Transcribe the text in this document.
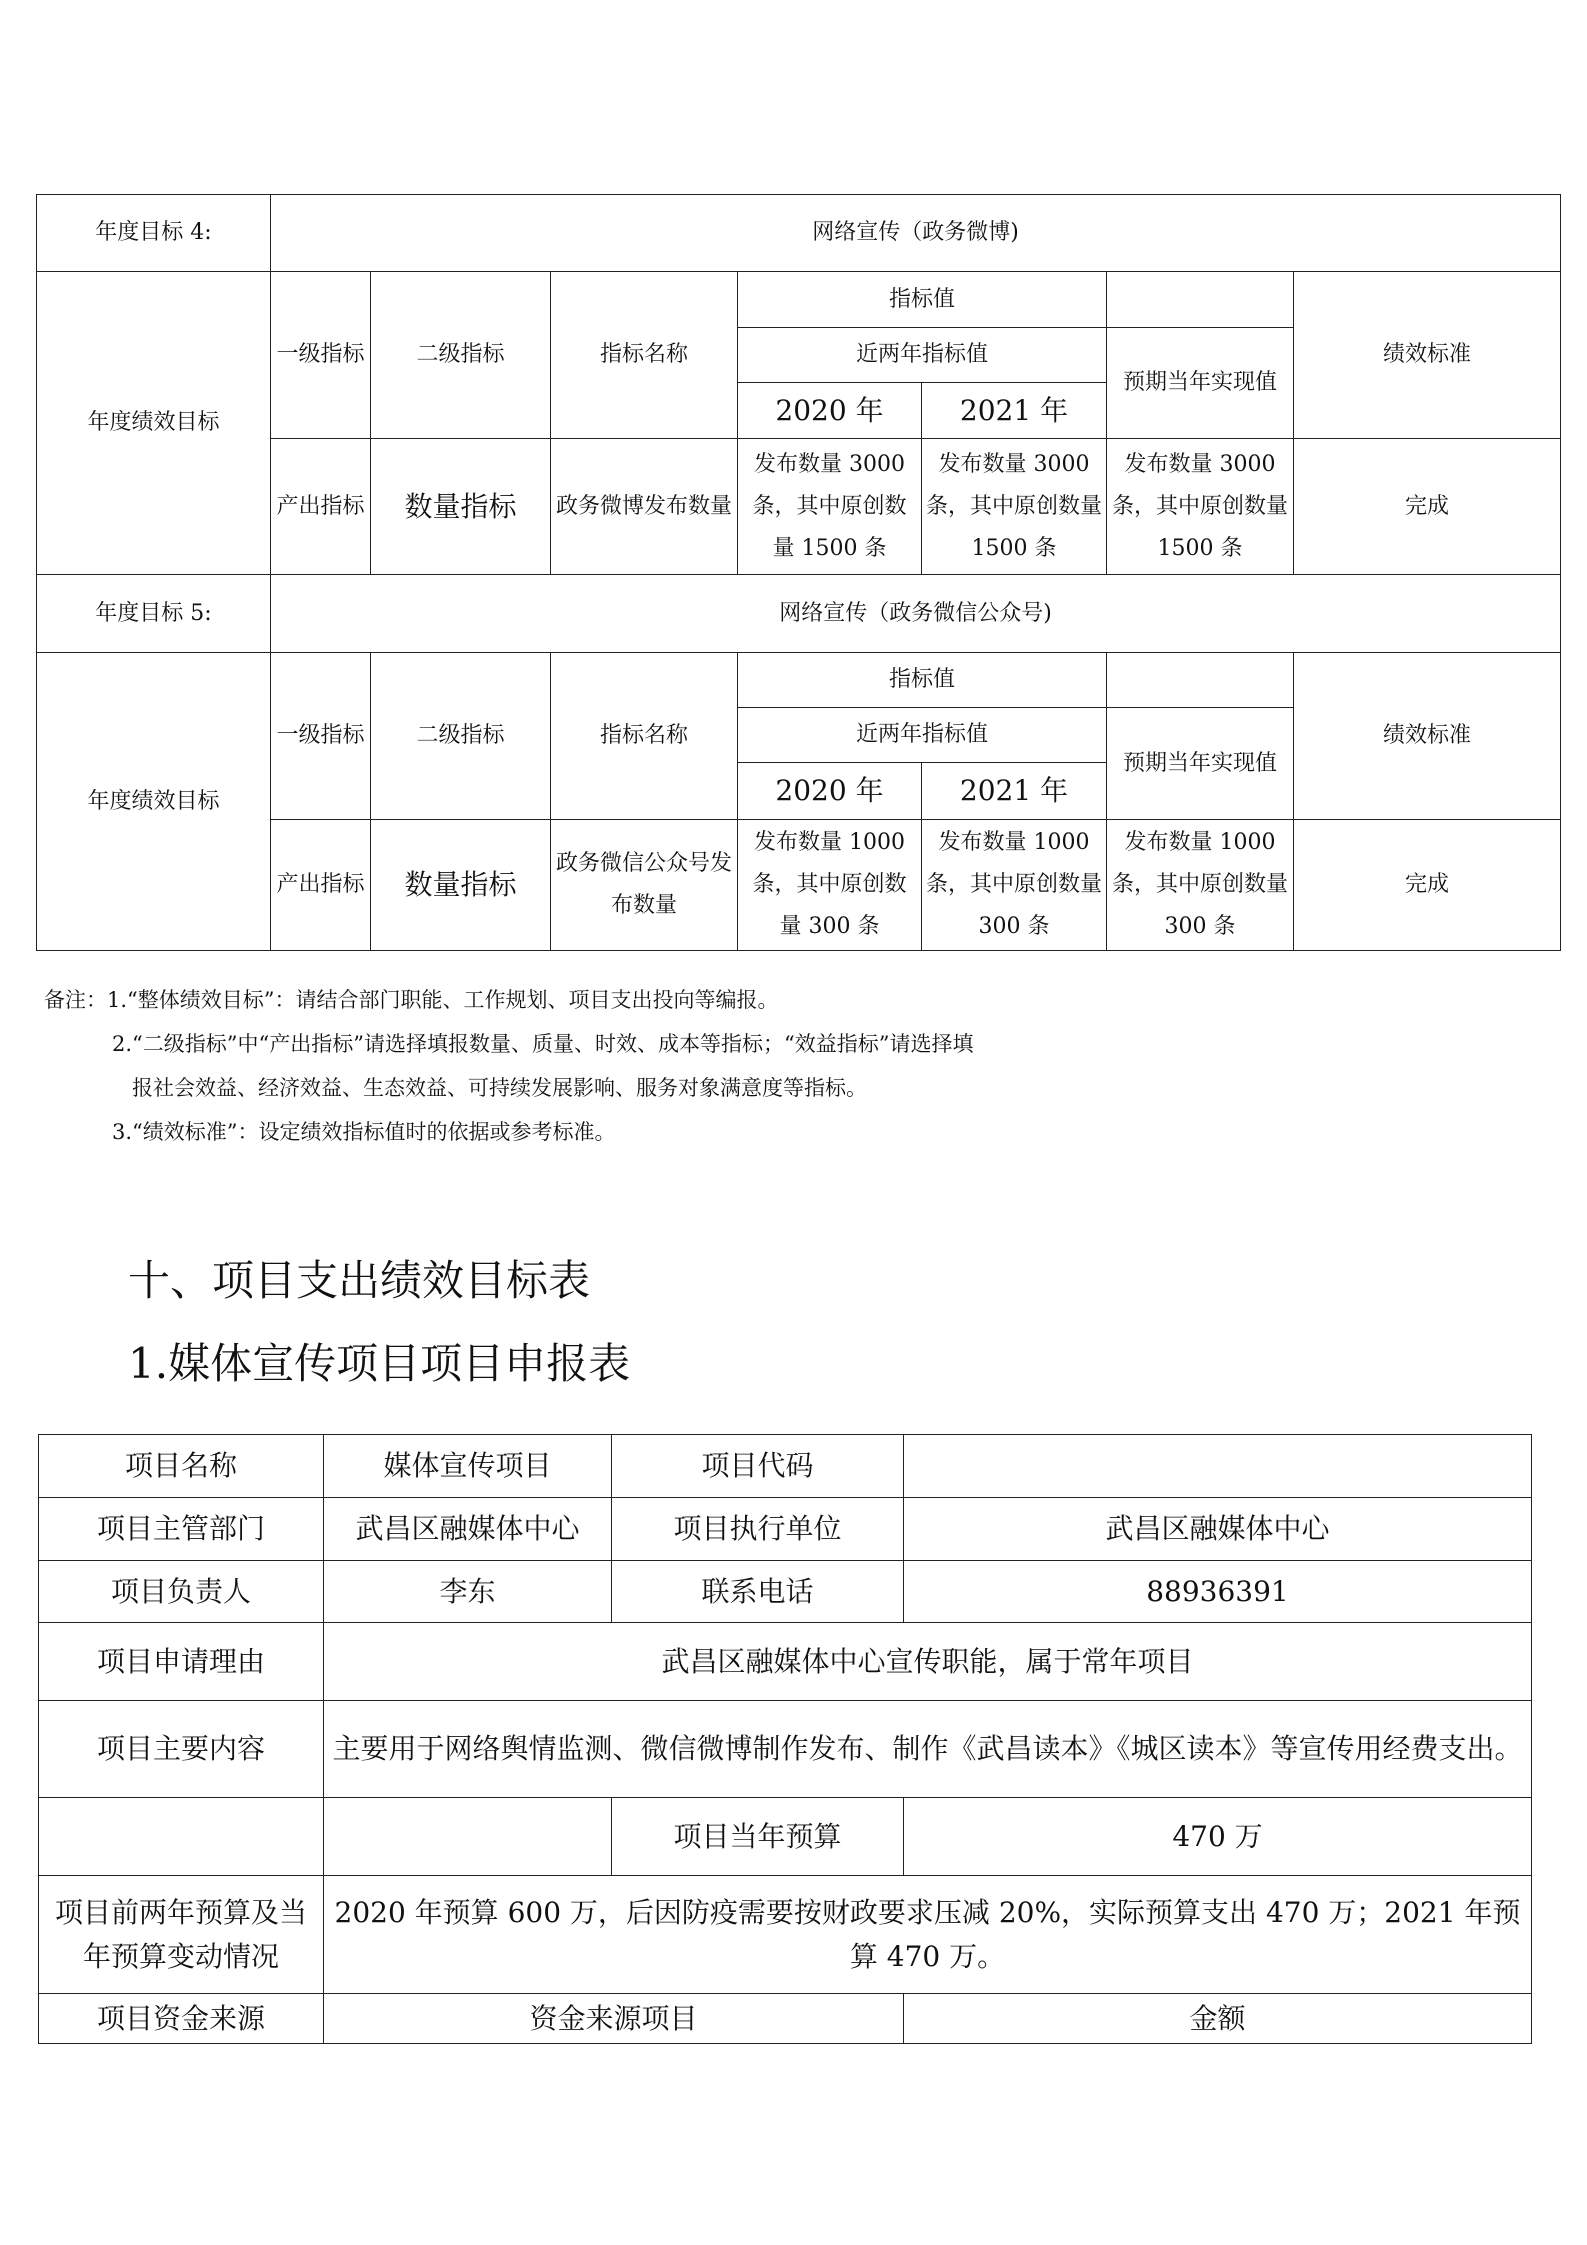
年度目标 4:	网络宣传（政务微博)						
年度绩效目标	一级指标	二级指标	指标名称	指标值			绩效标准
				近两年指标值		预期当年实现值	
				2020 年	2021 年		
	产出指标	数量指标	政务微博发布数量	发布数量 3000 条，其中原创数量 1500 条	发布数量 3000 条，其中原创数量 1500 条	发布数量 3000 条，其中原创数量 1500 条	完成
年度目标 5:	网络宣传（政务微信公众号)						
年度绩效目标	一级指标	二级指标	指标名称	指标值			绩效标准
				近两年指标值		预期当年实现值	
				2020 年	2021 年		
	产出指标	数量指标	政务微信公众号发布数量	发布数量 1000 条，其中原创数量 300 条	发布数量 1000 条，其中原创数量 300 条	发布数量 1000 条，其中原创数量 300 条	完成
备注：1.“整体绩效目标”：请结合部门职能、工作规划、项目支出投向等编报。
2.“二级指标”中“产出指标”请选择填报数量、质量、时效、成本等指标；“效益指标”请选择填
报社会效益、经济效益、生态效益、可持续发展影响、服务对象满意度等指标。
3.“绩效标准”：设定绩效指标值时的依据或参考标准。
十、项目支出绩效目标表
1.媒体宣传项目项目申报表
项目名称	媒体宣传项目	项目代码	
项目主管部门	武昌区融媒体中心	项目执行单位	武昌区融媒体中心
项目负责人	李东	联系电话	88936391
项目申请理由	武昌区融媒体中心宣传职能，属于常年项目		
项目主要内容	主要用于网络舆情监测、微信微博制作发布、制作《武昌读本》《城区读本》等宣传用经费支出。		
		项目当年预算	470 万
项目前两年预算及当年预算变动情况	2020 年预算 600 万，后因防疫需要按财政要求压减 20%，实际预算支出 470 万；2021 年预算 470 万。		
项目资金来源	资金来源项目		金额
